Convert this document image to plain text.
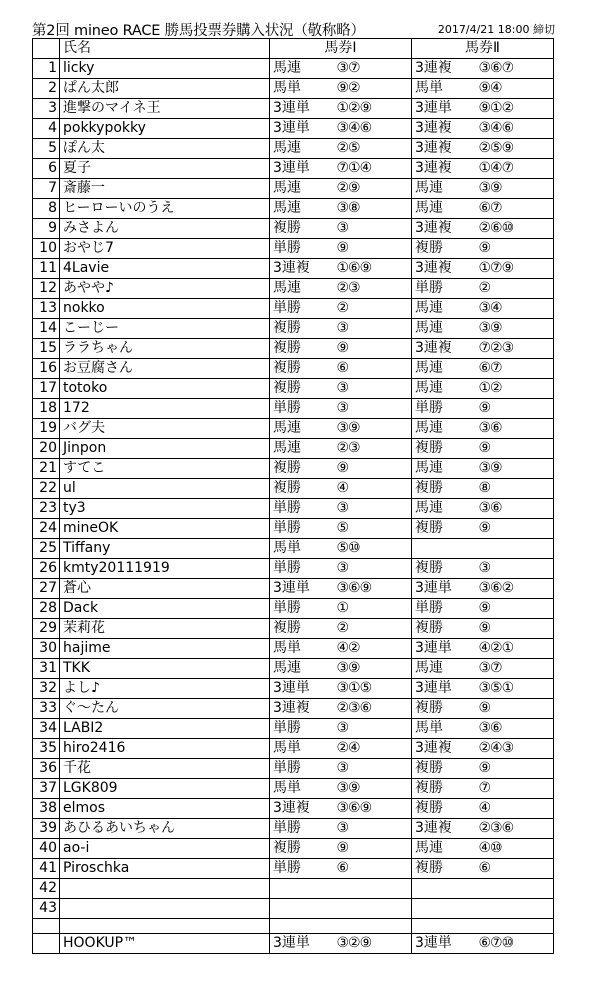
第2回 mineo RACE 勝馬投票券購入状況（敬称略）	2017/4/21 18:00 締切
	氏名	馬券Ⅰ		馬券Ⅱ	
1	licky	馬連	③⑦	3連複	③⑥⑦
2	ぱん太郎	馬単	⑨②	馬単	⑨④
3	進撃のマイネ王	3連単	①②⑨	3連単	⑨①②
4	pokkypokky	3連単	③④⑥	3連複	③④⑥
5	ぽん太	馬連	②⑤	3連複	②⑤⑨
6	夏子	3連単	⑦①④	3連複	①④⑦
7	斎藤一	馬連	②⑨	馬連	③⑨
8	ヒーローいのうえ	馬連	③⑧	馬連	⑥⑦
9	みさよん	複勝	③	3連複	②⑥⑩
10	おやじ7	単勝	⑨	複勝	⑨
11	4Lavie	3連複	①⑥⑨	3連複	①⑦⑨
12	あやや♪	馬連	②③	単勝	②
13	nokko	単勝	②	馬連	③④
14	こーじー	複勝	③	馬連	③⑨
15	ララちゃん	複勝	⑨	3連複	⑦②③
16	お豆腐さん	複勝	⑥	馬連	⑥⑦
17	totoko	複勝	③	馬連	①②
18	172	単勝	③	単勝	⑨
19	バグ夫	馬連	③⑨	馬連	③⑥
20	Jinpon	馬連	②③	複勝	⑨
21	すてこ	複勝	⑨	馬連	③⑨
22	ul	複勝	④	複勝	⑧
23	ty3	単勝	③	馬連	③⑥
24	mineOK	単勝	⑤	複勝	⑨
25	Tiffany	馬単	⑤⑩		
26	kmty20111919	単勝	③	複勝	③
27	蒼心	3連単	③⑥⑨	3連単	③⑥②
28	Dack	単勝	①	単勝	⑨
29	茉莉花	複勝	②	複勝	⑨
30	hajime	馬単	④②	3連単	④②①
31	TKK	馬連	③⑨	馬連	③⑦
32	よし♪	3連単	③①⑤	3連単	③⑤①
33	ぐ～たん	3連複	②③⑥	複勝	⑨
34	LABI2	単勝	③	馬単	③⑥
35	hiro2416	馬単	②④	3連複	②④③
36	千花	単勝	③	複勝	⑨
37	LGK809	馬単	③⑨	複勝	⑦
38	elmos	3連複	③⑥⑨	複勝	④
39	あひるあいちゃん	単勝	③	3連複	②③⑥
40	ao-i	複勝	⑨	馬連	④⑩
41	Piroschka	単勝	⑥	複勝	⑥
42					
43					

	HOOKUP™	3連単	③②⑨	3連単	⑥⑦⑩
